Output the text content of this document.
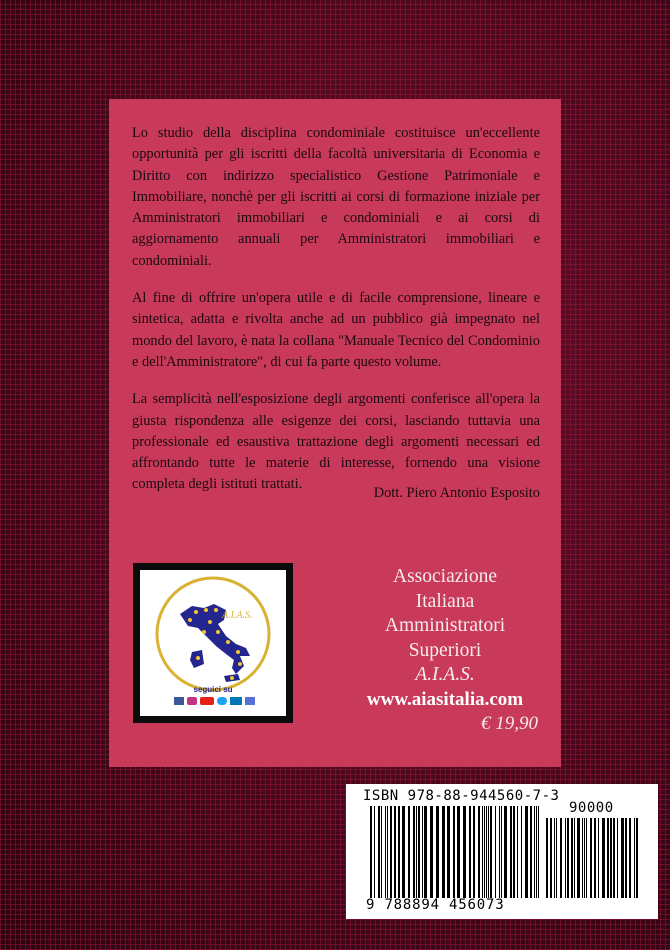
Lo studio della disciplina condominiale costituisce un'eccellente opportunità per gli iscritti della facoltà universitaria di Economia e Diritto con indirizzo specialistico Gestione Patrimoniale e Immobiliare, nonchè per gli iscritti ai corsi di formazione iniziale per Amministratori immobiliari e condominiali e ai corsi di aggiornamento annuali per Amministratori immobiliari e condominiali.

Al fine di offrire un'opera utile e di facile comprensione, lineare e sintetica, adatta e rivolta anche ad un pubblico già impegnato nel mondo del lavoro, è nata la collana "Manuale Tecnico del Condominio e dell'Amministratore", di cui fa parte questo volume.

La semplicità nell'esposizione degli argomenti conferisce all'opera la giusta rispondenza alle esigenze dei corsi, lasciando tuttavia una professionale ed esaustiva trattazione degli argomenti necessari ed affrontando tutte le materie di interesse, fornendo una visione completa degli istituti trattati.

Dott. Piero Antonio Esposito
A.I.A.S.
seguici su
Associazione
Italiana
Amministratori
Superiori
A.I.A.S.
www.aiasitalia.com
€ 19,90
ISBN 978-88-944560-7-3
90000
9 788894 456073
